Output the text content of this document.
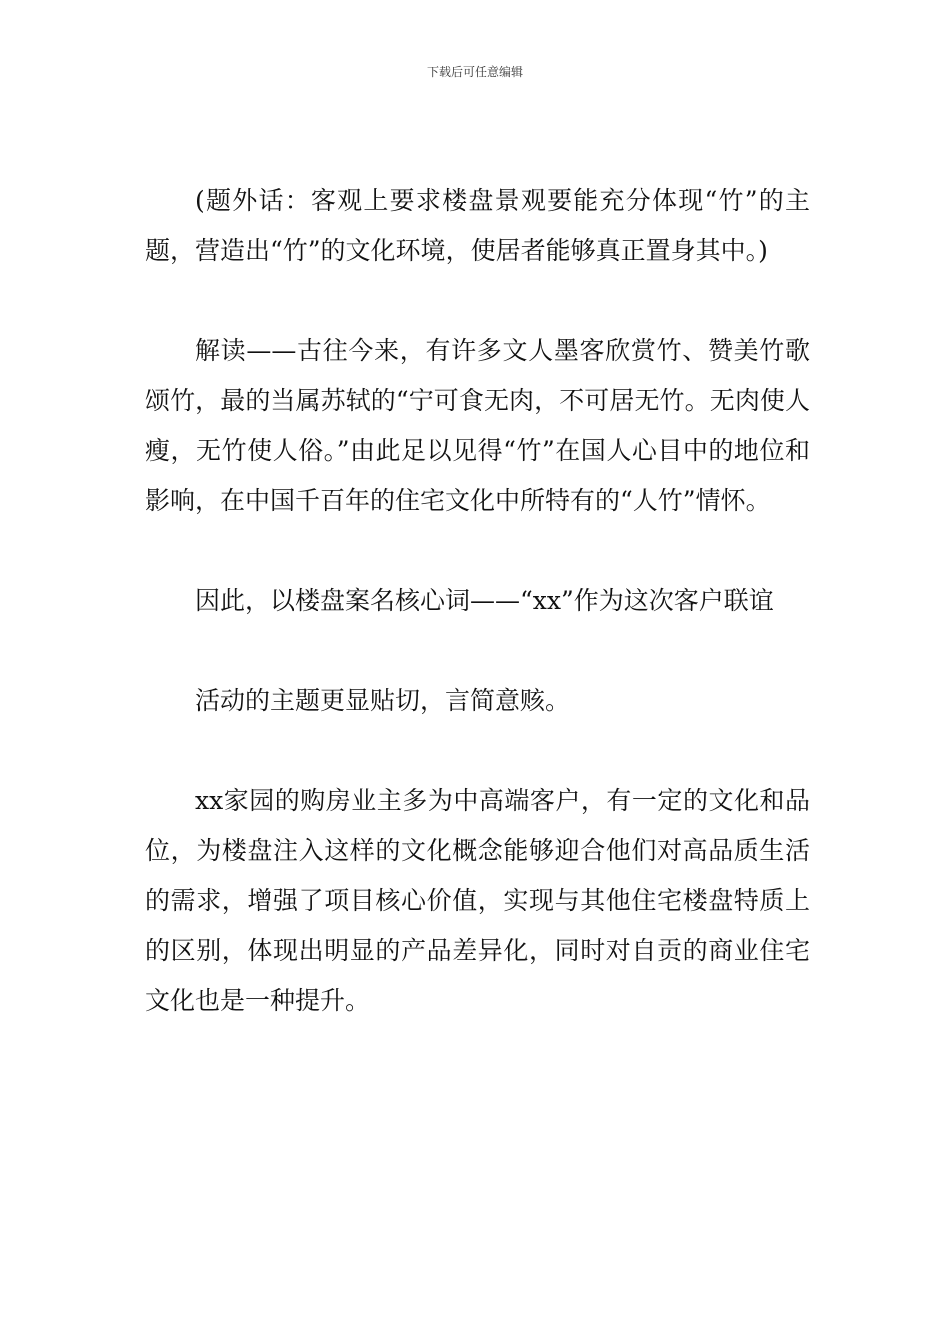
下载后可任意编辑

(题外话：客观上要求楼盘景观要能充分体现“竹”的主题，营造出“竹”的文化环境，使居者能够真正置身其中。)

解读——古往今来，有许多文人墨客欣赏竹、赞美竹歌颂竹，最的当属苏轼的“宁可食无肉，不可居无竹。无肉使人瘦，无竹使人俗。”由此足以见得“竹”在国人心目中的地位和影响，在中国千百年的住宅文化中所特有的“人竹”情怀。

因此，以楼盘案名核心词——“xx”作为这次客户联谊

活动的主题更显贴切，言简意赅。

xx家园的购房业主多为中高端客户，有一定的文化和品位，为楼盘注入这样的文化概念能够迎合他们对高品质生活的需求，增强了项目核心价值，实现与其他住宅楼盘特质上的区别，体现出明显的产品差异化，同时对自贡的商业住宅文化也是一种提升。
